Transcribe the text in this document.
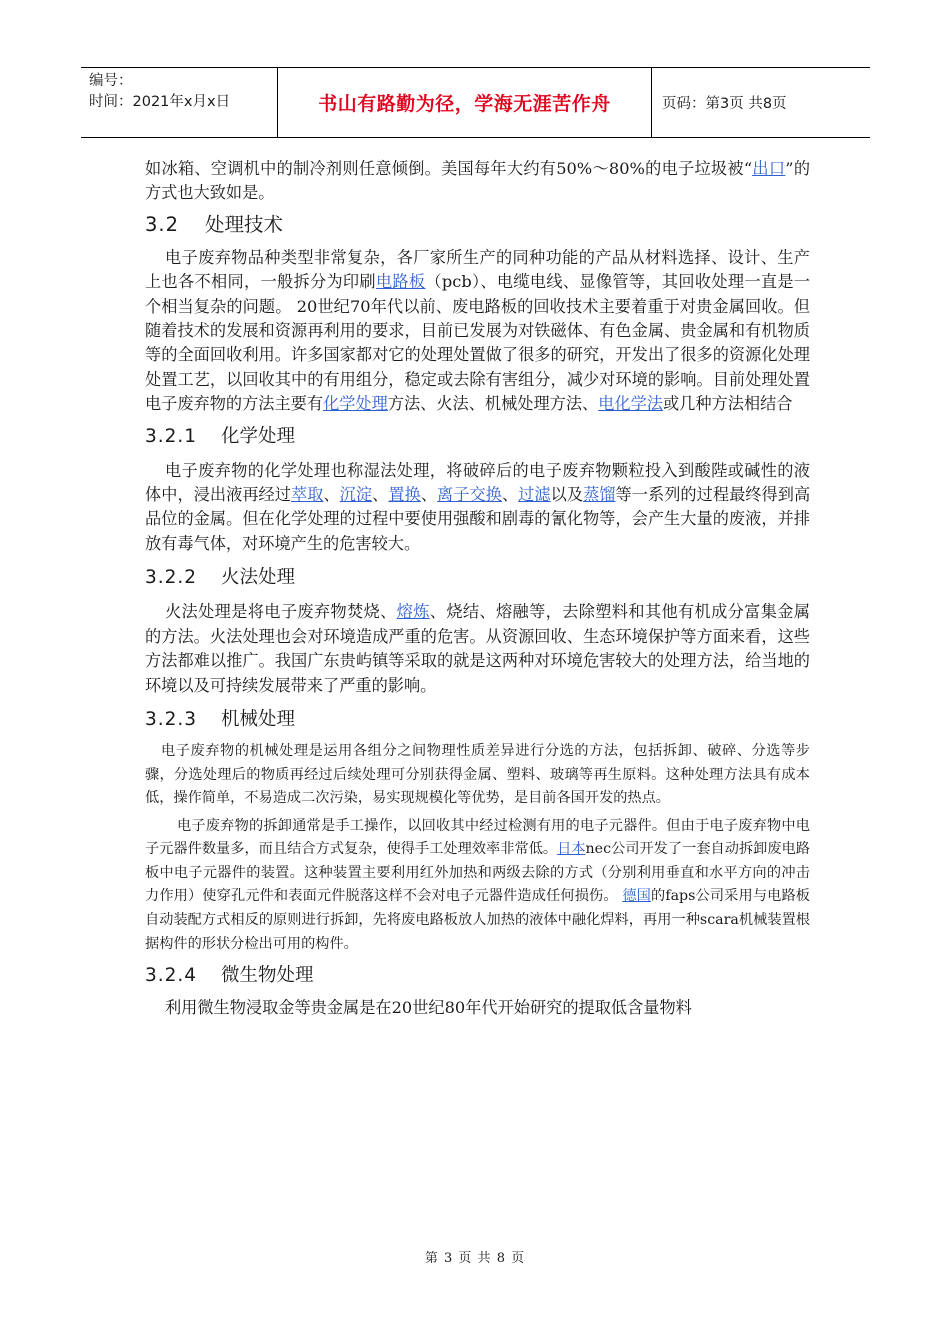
编号：
时间：2021年x月x日	书山有路勤为径，学海无涯苦作舟	页码：第3页 共8页

如冰箱、空调机中的制冷剂则任意倾倒。美国每年大约有50%～80%的电子垃圾被“出口”的方式也大致如是。

3.2 处理技术

电子废弃物品种类型非常复杂，各厂家所生产的同种功能的产品从材料选择、设计、生产上也各不相同，一般拆分为印刷电路板（pcb）、电缆电线、显像管等，其回收处理一直是一个相当复杂的问题。 20世纪70年代以前、废电路板的回收技术主要着重于对贵金属回收。但随着技术的发展和资源再利用的要求，目前已发展为对铁磁体、有色金属、贵金属和有机物质等的全面回收利用。许多国家都对它的处理处置做了很多的研究，开发出了很多的资源化处理处置工艺，以回收其中的有用组分，稳定或去除有害组分，减少对环境的影响。目前处理处置电子废弃物的方法主要有化学处理方法、火法、机械处理方法、电化学法或几种方法相结合

3.2.1 化学处理

电子废弃物的化学处理也称湿法处理，将破碎后的电子废弃物颗粒投入到酸陛或碱性的液体中，浸出液再经过萃取、沉淀、置换、离子交换、过滤以及蒸馏等一系列的过程最终得到高品位的金属。但在化学处理的过程中要使用强酸和剧毒的氰化物等，会产生大量的废液，并排放有毒气体，对环境产生的危害较大。

3.2.2 火法处理

火法处理是将电子废弃物焚烧、熔炼、烧结、熔融等，去除塑料和其他有机成分富集金属的方法。火法处理也会对环境造成严重的危害。从资源回收、生态环境保护等方面来看，这些方法都难以推广。我国广东贵屿镇等采取的就是这两种对环境危害较大的处理方法，给当地的环境以及可持续发展带来了严重的影响。

3.2.3 机械处理

电子废弃物的机械处理是运用各组分之间物理性质差异进行分选的方法，包括拆卸、破碎、分选等步骤，分选处理后的物质再经过后续处理可分别获得金属、塑料、玻璃等再生原料。这种处理方法具有成本低，操作简单，不易造成二次污染，易实现规模化等优势，是目前各国开发的热点。

电子废弃物的拆卸通常是手工操作，以回收其中经过检测有用的电子元器件。但由于电子废弃物中电子元器件数量多，而且结合方式复杂，使得手工处理效率非常低。日本nec公司开发了一套自动拆卸废电路板中电子元器件的装置。这种装置主要利用红外加热和两级去除的方式（分别利用垂直和水平方向的冲击力作用）使穿孔元件和表面元件脱落这样不会对电子元器件造成任何损伤。 德国的faps公司采用与电路板自动装配方式相反的原则进行拆卸，先将废电路板放人加热的液体中融化焊料，再用一种scara机械装置根据构件的形状分检出可用的构件。

3.2.4 微生物处理

利用微生物浸取金等贵金属是在20世纪80年代开始研究的提取低含量物料

第 3 页 共 8 页
